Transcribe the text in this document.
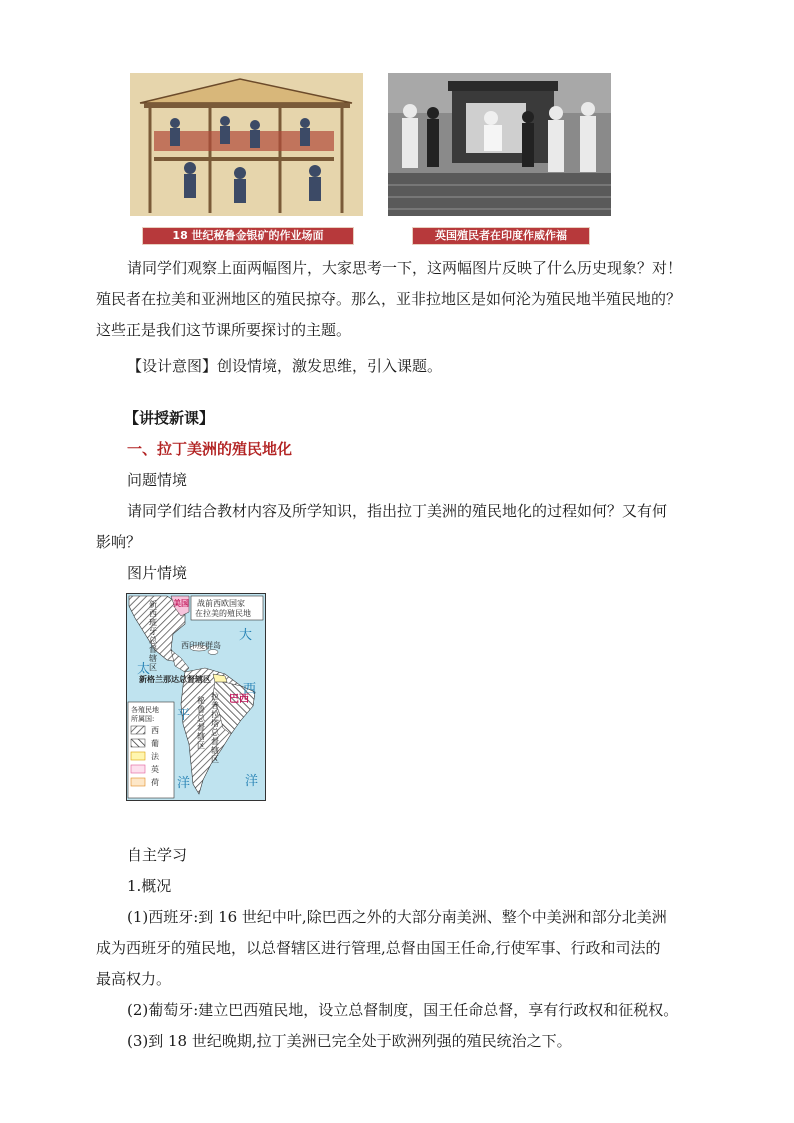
18 世纪秘鲁金银矿的作业场面	英国殖民者在印度作威作福
请同学们观察上面两幅图片，大家思考一下，这两幅图片反映了什么历史现象？对！
殖民者在拉美和亚洲地区的殖民掠夺。那么，亚非拉地区是如何沦为殖民地半殖民地的？
这些正是我们这节课所要探讨的主题。
【设计意图】创设情境，激发思维，引入课题。
【讲授新课】
一、拉丁美洲的殖民地化
问题情境
请同学们结合教材内容及所学知识，指出拉丁美洲的殖民地化的过程如何？又有何
影响？
图片情境
战前西欧国家
在拉美的殖民地
美国
新西班牙总督辖区
西印度群岛
新格兰那达总督辖区
秘鲁总督辖区
拉普拉塔总督辖区
巴西
大
西
洋
太
平
洋
各殖民地
所属国:
西
葡
法
英
荷
自主学习
1.概况
(1)西班牙:到 16 世纪中叶,除巴西之外的大部分南美洲、整个中美洲和部分北美洲
成为西班牙的殖民地，以总督辖区进行管理,总督由国王任命,行使军事、行政和司法的
最高权力。
(2)葡萄牙:建立巴西殖民地，设立总督制度，国王任命总督，享有行政权和征税权。
(3)到 18 世纪晚期,拉丁美洲已完全处于欧洲列强的殖民统治之下。
